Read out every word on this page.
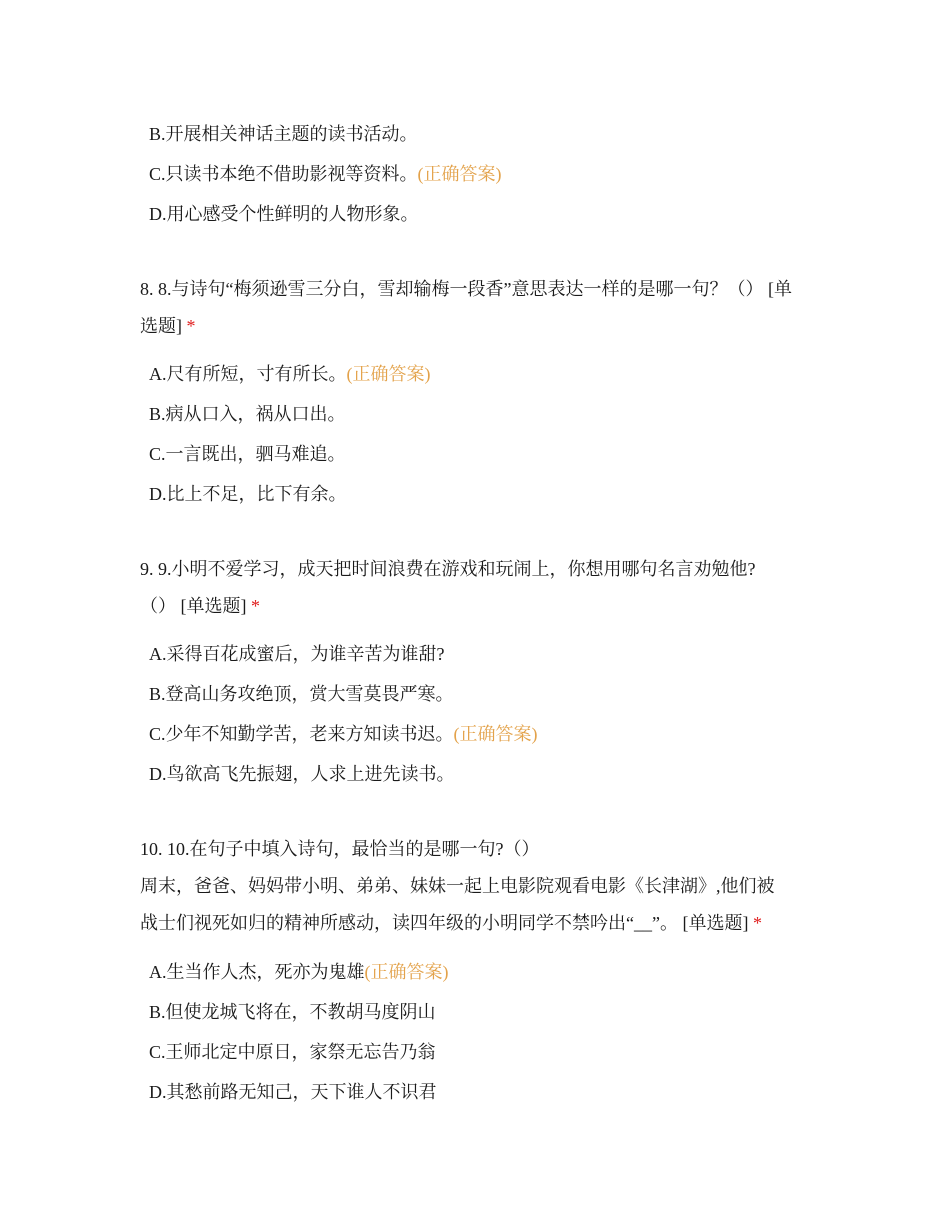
B.开展相关神话主题的读书活动。
C.只读书本绝不借助影视等资料。(正确答案)
D.用心感受个性鲜明的人物形象。
8. 8.与诗句“梅须逊雪三分白，雪却输梅一段香”意思表达一样的是哪一句？（） [单
选题] *
A.尺有所短，寸有所长。(正确答案)
B.病从口入，祸从口出。
C.一言既出，驷马难追。
D.比上不足，比下有余。
9. 9.小明不爱学习，成天把时间浪费在游戏和玩闹上，你想用哪句名言劝勉他?
（） [单选题] *
A.采得百花成蜜后，为谁辛苦为谁甜?
B.登高山务攻绝顶，赏大雪莫畏严寒。
C.少年不知勤学苦，老来方知读书迟。(正确答案)
D.鸟欲高飞先振翅，人求上进先读书。
10. 10.在句子中填入诗句，最恰当的是哪一句?（）
周末，爸爸、妈妈带小明、弟弟、妹妹一起上电影院观看电影《长津湖》,他们被
战士们视死如归的精神所感动，读四年级的小明同学不禁吟出“__”。 [单选题] *
A.生当作人杰，死亦为鬼雄(正确答案)
B.但使龙城飞将在，不教胡马度阴山
C.王师北定中原日，家祭无忘告乃翁
D.其愁前路无知己，天下谁人不识君
